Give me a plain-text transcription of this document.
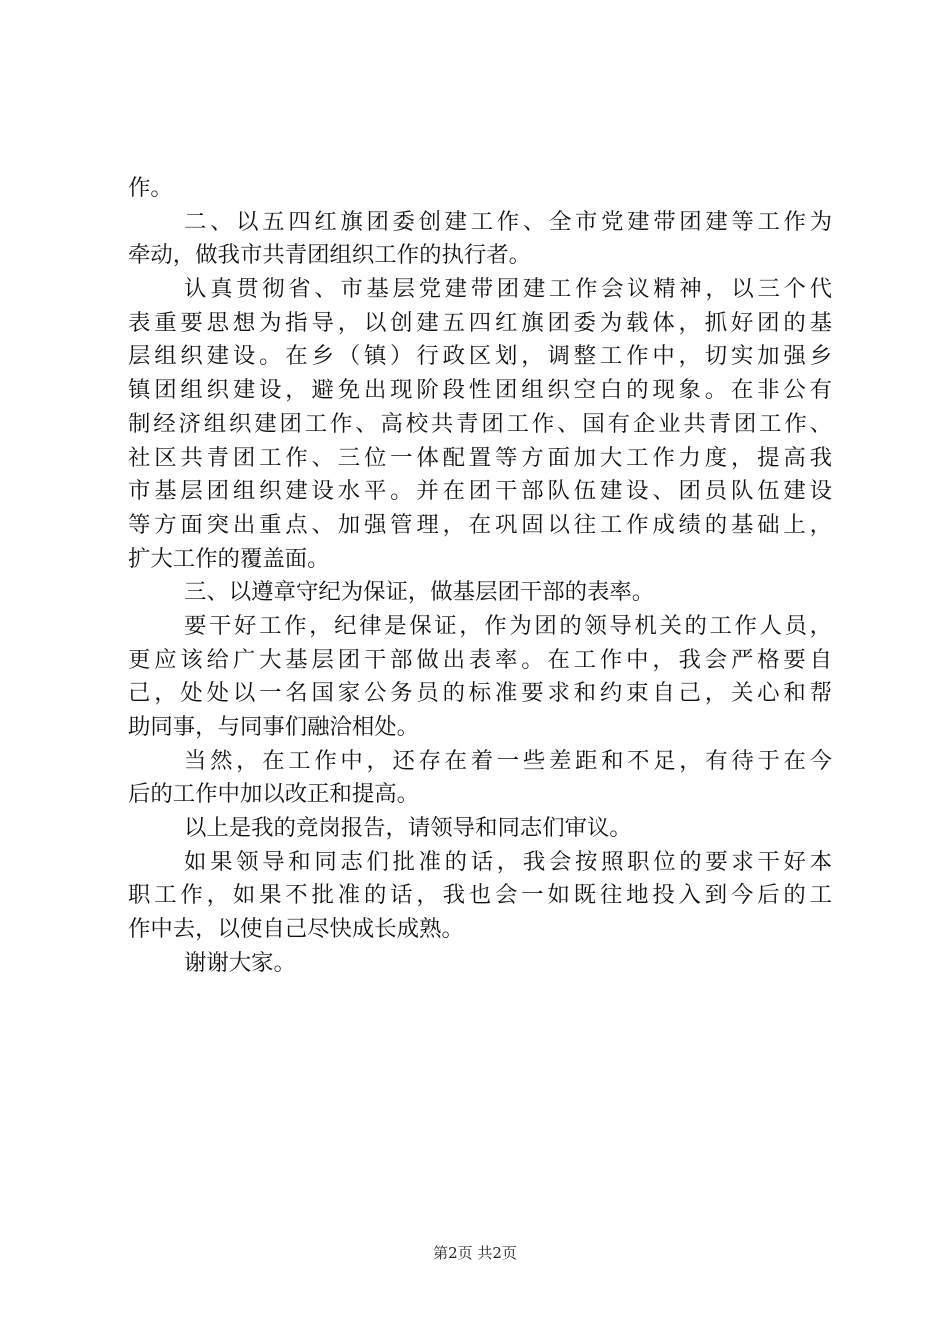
作。
二、以五四红旗团委创建工作、全市党建带团建等工作为
牵动，做我市共青团组织工作的执行者。
认真贯彻省、市基层党建带团建工作会议精神，以三个代
表重要思想为指导，以创建五四红旗团委为载体，抓好团的基
层组织建设。在乡（镇）行政区划，调整工作中，切实加强乡
镇团组织建设，避免出现阶段性团组织空白的现象。在非公有
制经济组织建团工作、高校共青团工作、国有企业共青团工作、
社区共青团工作、三位一体配置等方面加大工作力度，提高我
市基层团组织建设水平。并在团干部队伍建设、团员队伍建设
等方面突出重点、加强管理，在巩固以往工作成绩的基础上，
扩大工作的覆盖面。
三、以遵章守纪为保证，做基层团干部的表率。
要干好工作，纪律是保证，作为团的领导机关的工作人员，
更应该给广大基层团干部做出表率。在工作中，我会严格要自
己，处处以一名国家公务员的标准要求和约束自己，关心和帮
助同事，与同事们融洽相处。
当然，在工作中，还存在着一些差距和不足，有待于在今
后的工作中加以改正和提高。
以上是我的竞岗报告，请领导和同志们审议。
如果领导和同志们批准的话，我会按照职位的要求干好本
职工作，如果不批准的话，我也会一如既往地投入到今后的工
作中去，以使自己尽快成长成熟。
谢谢大家。
第2页 共2页
